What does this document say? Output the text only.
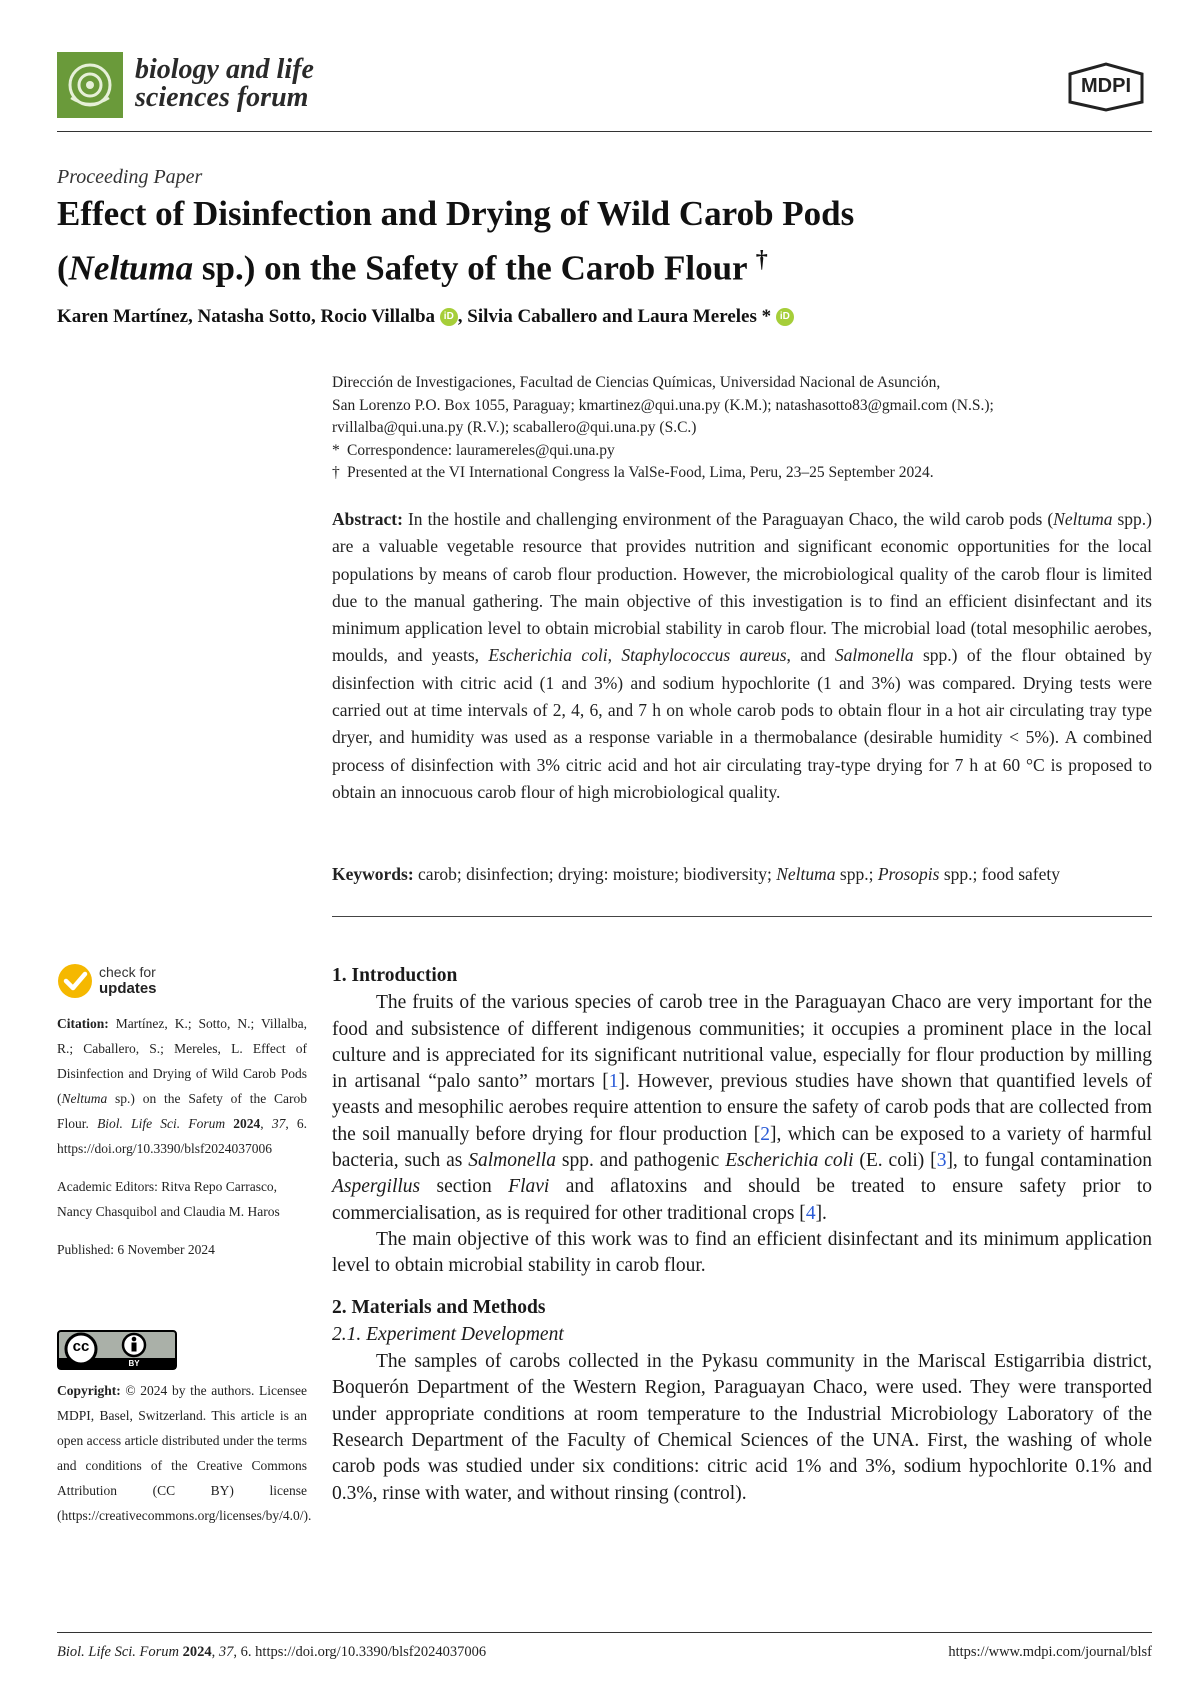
biology and life
sciences forum	MDPI
Proceeding Paper
Effect of Disinfection and Drying of Wild Carob Pods
(Neltuma sp.) on the Safety of the Carob Flour †
Karen Martínez, Natasha Sotto, Rocio Villalba iD , Silvia Caballero and Laura Mereles * iD
Dirección de Investigaciones, Facultad de Ciencias Químicas, Universidad Nacional de Asunción,
San Lorenzo P.O. Box 1055, Paraguay; kmartinez@qui.una.py (K.M.); natashasotto83@gmail.com (N.S.);
rvillalba@qui.una.py (R.V.); scaballero@qui.una.py (S.C.)
* Correspondence: lauramereles@qui.una.py
† Presented at the VI International Congress la ValSe-Food, Lima, Peru, 23–25 September 2024.
Abstract: In the hostile and challenging environment of the Paraguayan Chaco, the wild carob pods (Neltuma spp.) are a valuable vegetable resource that provides nutrition and significant economic opportunities for the local populations by means of carob flour production. However, the microbiological quality of the carob flour is limited due to the manual gathering. The main objective of this investigation is to find an efficient disinfectant and its minimum application level to obtain microbial stability in carob flour. The microbial load (total mesophilic aerobes, moulds, and yeasts, Escherichia coli, Staphylococcus aureus, and Salmonella spp.) of the flour obtained by disinfection with citric acid (1 and 3%) and sodium hypochlorite (1 and 3%) was compared. Drying tests were carried out at time intervals of 2, 4, 6, and 7 h on whole carob pods to obtain flour in a hot air circulating tray type dryer, and humidity was used as a response variable in a thermobalance (desirable humidity < 5%). A combined process of disinfection with 3% citric acid and hot air circulating tray-type drying for 7 h at 60 °C is proposed to obtain an innocuous carob flour of high microbiological quality.
Keywords: carob; disinfection; drying: moisture; biodiversity; Neltuma spp.; Prosopis spp.; food safety
check for
updates
Citation: Martínez, K.; Sotto, N.; Villalba, R.; Caballero, S.; Mereles, L. Effect of Disinfection and Drying of Wild Carob Pods (Neltuma sp.) on the Safety of the Carob Flour. Biol. Life Sci. Forum 2024, 37, 6. https://doi.org/10.3390/blsf2024037006
Academic Editors: Ritva Repo Carrasco, Nancy Chasquibol and Claudia M. Haros
Published: 6 November 2024
cc
BY
Copyright: © 2024 by the authors. Licensee MDPI, Basel, Switzerland. This article is an open access article distributed under the terms and conditions of the Creative Commons Attribution (CC BY) license (https://creativecommons.org/licenses/by/4.0/).
1. Introduction

The fruits of the various species of carob tree in the Paraguayan Chaco are very important for the food and subsistence of different indigenous communities; it occupies a prominent place in the local culture and is appreciated for its significant nutritional value, especially for flour production by milling in artisanal “palo santo” mortars [1]. However, previous studies have shown that quantified levels of yeasts and mesophilic aerobes require attention to ensure the safety of carob pods that are collected from the soil manually before drying for flour production [2], which can be exposed to a variety of harmful bacteria, such as Salmonella spp. and pathogenic Escherichia coli (E. coli) [3], to fungal contamination Aspergillus section Flavi and aflatoxins and should be treated to ensure safety prior to commercialisation, as is required for other traditional crops [4].

The main objective of this work was to find an efficient disinfectant and its minimum application level to obtain microbial stability in carob flour.

2. Materials and Methods
2.1. Experiment Development

The samples of carobs collected in the Pykasu community in the Mariscal Estigarribia district, Boquerón Department of the Western Region, Paraguayan Chaco, were used. They were transported under appropriate conditions at room temperature to the Industrial Microbiology Laboratory of the Research Department of the Faculty of Chemical Sciences of the UNA. First, the washing of whole carob pods was studied under six conditions: citric acid 1% and 3%, sodium hypochlorite 0.1% and 0.3%, rinse with water, and without rinsing (control).

Biol. Life Sci. Forum 2024, 37, 6. https://doi.org/10.3390/blsf2024037006	https://www.mdpi.com/journal/blsf
